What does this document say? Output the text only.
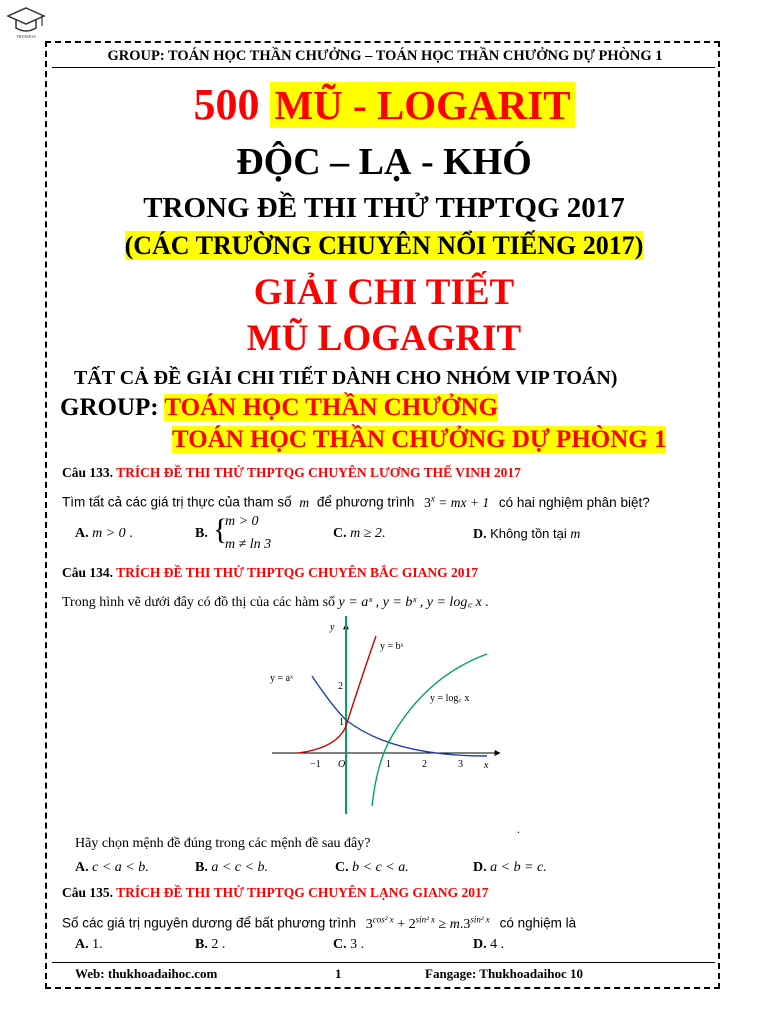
THUKHOA
GROUP: TOÁN HỌC THẦN CHƯỞNG – TOÁN HỌC THẦN CHƯỞNG DỰ PHÒNG 1
500 MŨ - LOGARIT
ĐỘC – LẠ - KHÓ
TRONG ĐỀ THI THỬ THPTQG 2017
(CÁC TRƯỜNG CHUYÊN NỔI TIẾNG 2017)
GIẢI CHI TIẾT
MŨ LOGAGRIT
TẤT CẢ ĐỀ GIẢI CHI TIẾT DÀNH CHO NHÓM VIP TOÁN)
GROUP: TOÁN HỌC THẦN CHƯỞNG
TOÁN HỌC THẦN CHƯỞNG DỰ PHÒNG 1
Câu 133. TRÍCH ĐỀ THI THỬ THPTQG CHUYÊN LƯƠNG THẾ VINH 2017
Tìm tất cả các giá trị thực của tham số m để phương trình $3^x$ = mx + 1 có hai nghiệm phân biệt?
A. m > 0 .	B. {
m > 0
m ≠ ln 3
C. m ≥ 2.	D. Không tồn tại m
Câu 134. TRÍCH ĐỀ THI THỬ THPTQG CHUYÊN BẮC GIANG 2017
Trong hình vẽ dưới đây có đồ thị của các hàm số y = aˣ , y = bˣ , y = log꜀ x .
y
x
O
y = bˣ
y = aˣ
y = log꜀ x
−1	1	2	3
2
1
.
Hãy chọn mệnh đề đúng trong các mệnh đề sau đây?
A. c < a < b.	B. a < c < b.	C. b < c < a.	D. a < b = c.
Câu 135. TRÍCH ĐỀ THI THỬ THPTQG CHUYÊN LẠNG GIANG 2017
Số các giá trị nguyên dương để bất phương trình $3^{cos^2 x} + 2^{sin^2 x} \ge m.3^{sin^2 x}$ có nghiệm là
A. 1.	B. 2 .	C. 3 .	D. 4 .
Web: thukhoadaihoc.com	1	Fangage: Thukhoadaihoc 10
